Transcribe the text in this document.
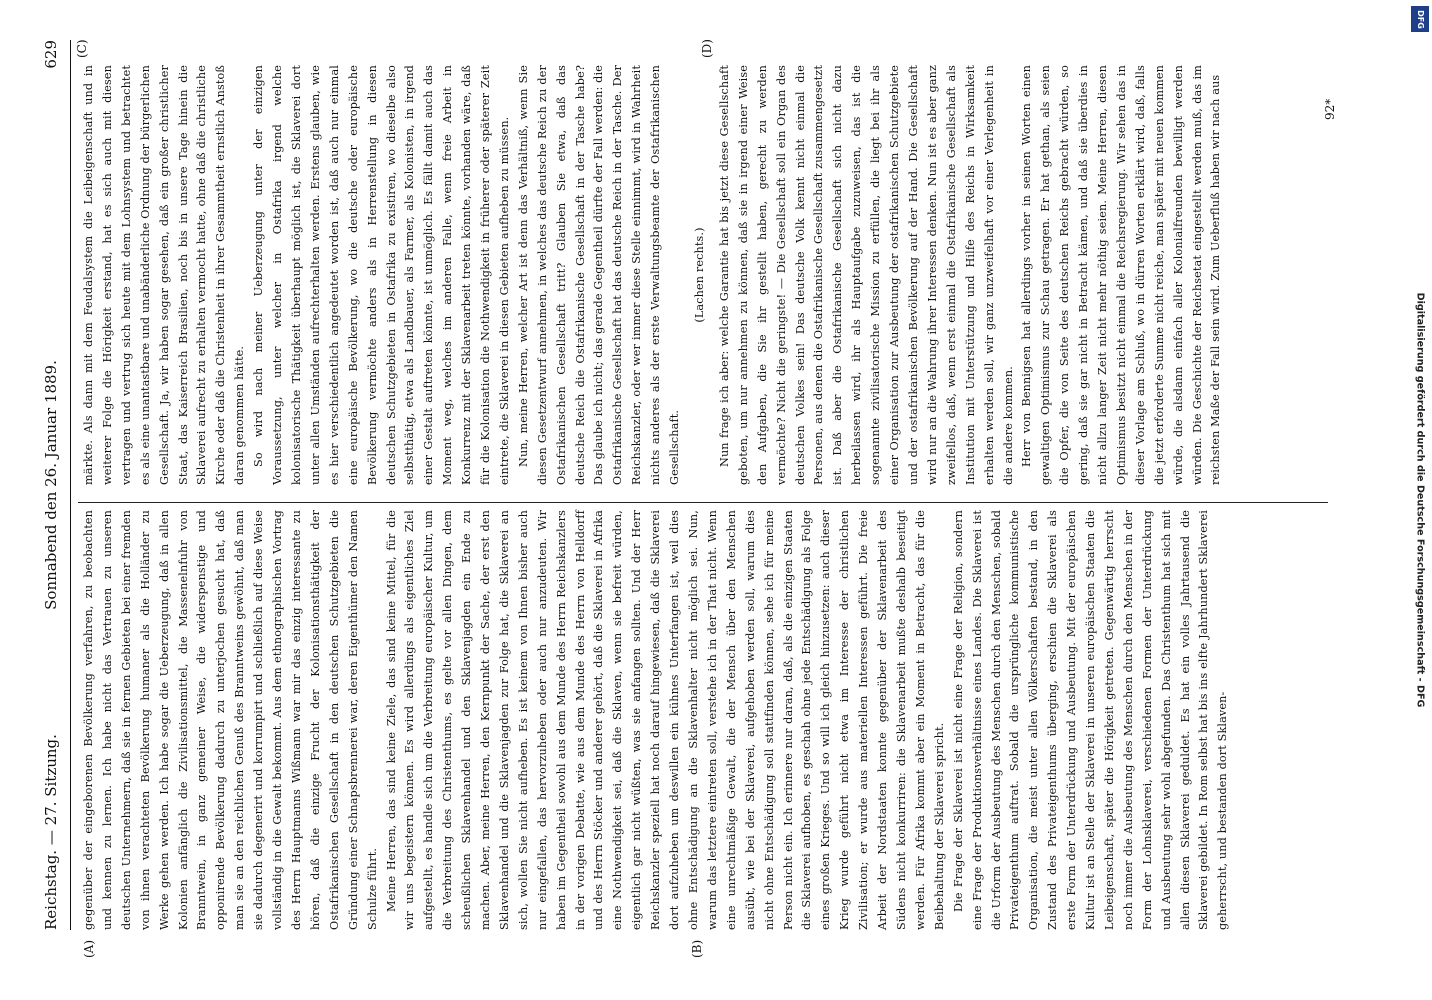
Reichstag. — 27. Sitzung.
Sonnabend den 26. Januar 1889.
629
(A)	(B)
(C)	(D)

gegenüber der eingeborenen Bevölkerung verfahren, zu beobachten und kennen zu lernen. Ich habe nicht das Vertrauen zu unseren deutschen Unternehmern, daß sie in fernen Gebieten bei einer fremden von ihnen verachteten Bevölkerung humaner als die Holländer zu Werke gehen werden. Ich habe sogar die Ueberzeugung, daß in allen Kolonien anfänglich die Zivilisationsmittel, die Massenelnfuhr von Branntwein, in ganz gemeiner Weise, die widerspenstige und opponirende Bevölkerung dadurch zu unterjochen gesucht hat, daß man sie an den reichlichen Genuß des Branntweins gewöhnt, daß man sie dadurch degenerirt und korrumpirt und schließlich auf diese Weise vollständig in die Gewalt bekommt. Aus dem ethnographischen Vortrag des Herrn Hauptmanns Wißmann war mir das einzig interessante zu hören, daß die einzige Frucht der Kolonisationsthätigkeit der Ostafrikanischen Gesellschaft in den deutschen Schutzgebieten die Gründung einer Schnapsbrennerei war, deren Eigenthümer den Namen Schulze führt. Meine Herren, das sind keine Ziele, das sind keine Mittel, für die wir uns begeistern können. Es wird allerdings als eigentliches Ziel aufgestellt, es handle sich um die Verbreitung europäischer Kultur, um die Verbreitung des Christenthums, es gelte vor allen Dingen, dem scheußlichen Sklavenhandel und den Sklavenjagden ein Ende zu machen. Aber, meine Herren, den Kernpunkt der Sache, der erst den Sklavenhandel und die Sklavenjagden zur Folge hat, die Sklaverei an sich, wollen Sie nicht aufheben. Es ist keinem von Ihnen bisher auch nur eingefallen, das hervorzuheben oder auch nur anzudeuten. Wir haben im Gegentheil sowohl aus dem Munde des Herrn Reichskanzlers in der vorigen Debatte, wie aus dem Munde des Herrn von Helldorff und des Herrn Stöcker und anderer gehört, daß die Sklaverei in Afrika eine Nothwendigkeit sei, daß die Sklaven, wenn sie befreit würden, eigentlich gar nicht wüßten, was sie anfangen sollten. Und der Herr Reichskanzler speziell hat noch darauf hingewiesen, daß die Sklaverei dort aufzuheben um deswillen ein kühnes Unterfangen ist, weil dies ohne Entschädigung an die Sklavenhalter nicht möglich sei. Nun, warum das letztere eintreten soll, verstehe ich in der That nicht. Wenn eine unrechtmäßige Gewalt, die der Mensch über den Menschen ausübt, wie bei der Sklaverei, aufgehoben werden soll, warum dies nicht ohne Entschädigung soll stattfinden können, sehe ich für meine Person nicht ein. Ich erinnere nur daran, daß, als die einzigen Staaten die Sklaverei aufhoben, es geschah ohne jede Entschädigung als Folge eines großen Krieges. Und so will ich gleich hinzusetzen: auch dieser Krieg wurde geführt nicht etwa im Interesse der christlichen Zivilisation; er wurde aus materiellen Interessen geführt. Die freie Arbeit der Nordstaaten konnte gegenüber der Sklavenarbeit des Südens nicht konkurriren: die Sklavenarbeit mußte deshalb beseitigt werden. Für Afrika kommt aber ein Moment in Betracht, das für die Beibehaltung der Sklaverei spricht. Die Frage der Sklaverei ist nicht eine Frage der Religion, sondern eine Frage der Produktionsverhältnisse eines Landes. Die Sklaverei ist die Urform der Ausbeutung des Menschen durch den Menschen, sobald Privateigenthum auftrat. Sobald die ursprüngliche kommunistische Organisation, die meist unter allen Völkerschaften bestand, in den Zustand des Privateigenthums überging, erschien die Sklaverei als erste Form der Unterdrückung und Ausbeutung. Mit der europäischen Kultur ist an Stelle der Sklaverei in unseren europäischen Staaten die Leibeigenschaft, später die Hörigkeit getreten. Gegenwärtig herrscht noch immer die Ausbeutung des Menschen durch den Menschen in der Form der Lohnsklaverei, verschiedenen Formen der Unterdrückung und Ausbeutung sehr wohl abgefunden. Das Christenthum hat sich mit allen diesen Sklaverei geduldet. Es hat ein volles Jahrtausend die Sklaverei gebildet. In Rom selbst hat bis ins elfte Jahrhundert Sklaverei geherrscht, und bestanden dort Sklaven-

märkte. Als dann mit dem Feudalsystem die Leibeigenschaft und in weiterer Folge die Hörigkeit erstand, hat es sich auch mit diesen vertragen und vertrug sich heute mit dem Lohnsystem und betrachtet es als eine unantastbare und unabänderliche Ordnung der bürgerlichen Gesellschaft. Ja, wir haben sogar gesehen, daß ein großer christlicher Staat, das Kaiserreich Brasilien, noch bis in unsere Tage hinein die Sklaverei aufrecht zu erhalten vermocht hatte, ohne daß die christliche Kirche oder daß die Christenheit in ihrer Gesammtheit ernstlich Anstoß daran genommen hätte. So wird nach meiner Ueberzeugung unter der einzigen Voraussetzung, unter welcher in Ostafrika irgend welche kolonisatorische Thätigkeit überhaupt möglich ist, die Sklaverei dort unter allen Umständen aufrechterhalten werden. Erstens glauben, wie es hier verschiedentlich angedeutet worden ist, daß auch nur einmal eine europäische Bevölkerung, wo die deutsche oder europäische Bevölkerung vermöchte anders als in Herrenstellung in diesen deutschen Schutzgebieten in Ostafrika zu existiren, wo dieselbe also selbstthätig, etwa als Landbauer, als Farmer, als Kolonisten, in irgend einer Gestalt auftreten könnte, ist unmöglich. Es fällt damit auch das Moment weg, welches im anderen Falle, wenn freie Arbeit in Konkurrenz mit der Sklavenarbeit treten könnte, vorhanden wäre, daß für die Kolonisation die Nothwendigkeit in früherer oder späterer Zeit eintrete, die Sklaverei in diesen Gebieten aufheben zu müssen. Nun, meine Herren, welcher Art ist denn das Verhältniß, wenn Sie diesen Gesetzentwurf annehmen, in welches das deutsche Reich zu der Ostafrikanischen Gesellschaft tritt? Glauben Sie etwa, daß das deutsche Reich die Ostafrikanische Gesellschaft in der Tasche habe? Das glaube ich nicht; das gerade Gegentheil dürfte der Fall werden: die Ostafrikanische Gesellschaft hat das deutsche Reich in der Tasche. Der Reichskanzler, oder wer immer diese Stelle einnimmt, wird in Wahrheit nichts anderes als der erste Verwaltungsbeamte der Ostafrikanischen Gesellschaft.

(Lachen rechts.)	Nun frage ich aber: welche Garantie hat bis jetzt diese Gesellschaft geboten, um nur annehmen zu können, daß sie in irgend einer Weise den Aufgaben, die Sie ihr gestellt haben, gerecht zu werden vermöchte? Nicht die geringste! — Die Gesellschaft soll ein Organ des deutschen Volkes sein! Das deutsche Volk kennt nicht einmal die Personen, aus denen die Ostafrikanische Gesellschaft zusammengesetzt ist. Daß aber die Ostafrikanische Gesellschaft sich nicht dazu herbeilassen wird, ihr als Hauptaufgabe zuzuweisen, das ist die sogenannte zivilisatorische Mission zu erfüllen, die liegt bei ihr als einer Organisation zur Ausbeutung der ostafrikanischen Schutzgebiete und der ostafrikanischen Bevölkerung auf der Hand. Die Gesellschaft wird nur an die Wahrung ihrer Interessen denken. Nun ist es aber ganz zweifellos, daß, wenn erst einmal die Ostafrikanische Gesellschaft als Institution mit Unterstützung und Hilfe des Reichs in Wirksamkeit erhalten werden soll, wir ganz unzweifelhaft vor einer Verlegenheit in die andere kommen. Herr von Bennigsen hat allerdings vorher in seinen Worten einen gewaltigen Optimismus zur Schau getragen. Er hat gethan, als seien die Opfer, die von Seite des deutschen Reichs gebracht würden, so gering, daß sie gar nicht in Betracht kämen, und daß sie überdies in nicht allzu langer Zeit nicht mehr nöthig seien. Meine Herren, diesen Optimismus besitzt nicht einmal die Reichsregierung. Wir sehen das in dieser Vorlage am Schluß, wo in dürren Worten erklärt wird, daß, falls die jetzt erforderte Summe nicht reiche, man später mit neuen kommen würde, die alsdann einfach aller Kolonialfreunden bewilligt werden würden. Die Geschichte der Reichsetat eingestellt werden muß, das im reichsten Maße der Fall sein wird. Zum Ueberfluß haben wir nach aus	92*
DFG
Digitalisierung gefördert durch die Deutsche Forschungsgemeinschaft - DFG
